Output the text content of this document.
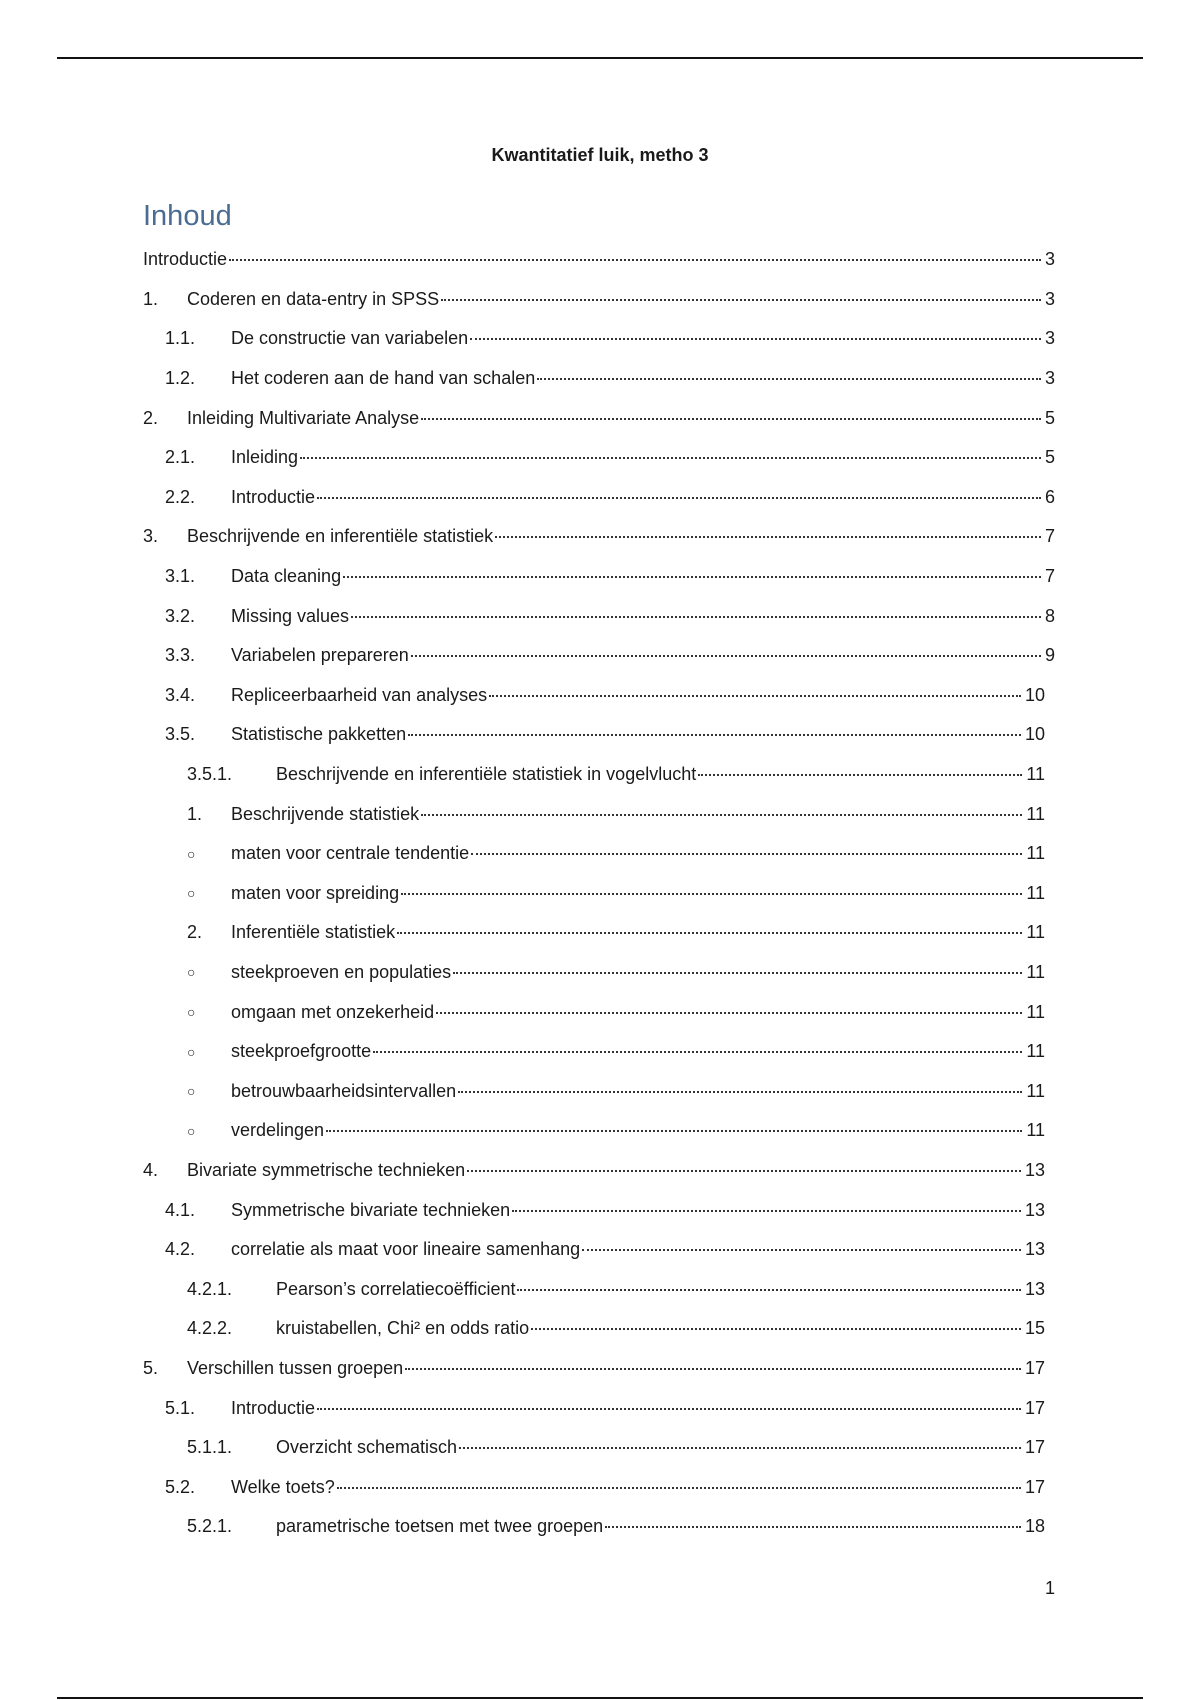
Kwantitatief luik, metho 3
Inhoud
Introductie	3
1.	Coderen en data-entry in SPSS	3
1.1.	De constructie van variabelen	3
1.2.	Het coderen aan de hand van schalen	3
2.	Inleiding Multivariate Analyse	5
2.1.	Inleiding	5
2.2.	Introductie	6
3.	Beschrijvende en inferentiële statistiek	7
3.1.	Data cleaning	7
3.2.	Missing values	8
3.3.	Variabelen prepareren	9
3.4.	Repliceerbaarheid van analyses	10
3.5.	Statistische pakketten	10
3.5.1.	Beschrijvende en inferentiële statistiek in vogelvlucht	11
1.	Beschrijvende statistiek	11
○	maten voor centrale tendentie	11
○	maten voor spreiding	11
2.	Inferentiële statistiek	11
○	steekproeven en populaties	11
○	omgaan met onzekerheid	11
○	steekproefgrootte	11
○	betrouwbaarheidsintervallen	11
○	verdelingen	11
4.	Bivariate symmetrische technieken	13
4.1.	Symmetrische bivariate technieken	13
4.2.	correlatie als maat voor lineaire samenhang	13
4.2.1.	Pearson’s correlatiecoëfficient	13
4.2.2.	kruistabellen, Chi² en odds ratio	15
5.	Verschillen tussen groepen	17
5.1.	Introductie	17
5.1.1.	Overzicht schematisch	17
5.2.	Welke toets?	17
5.2.1.	parametrische toetsen met twee groepen	18
1
